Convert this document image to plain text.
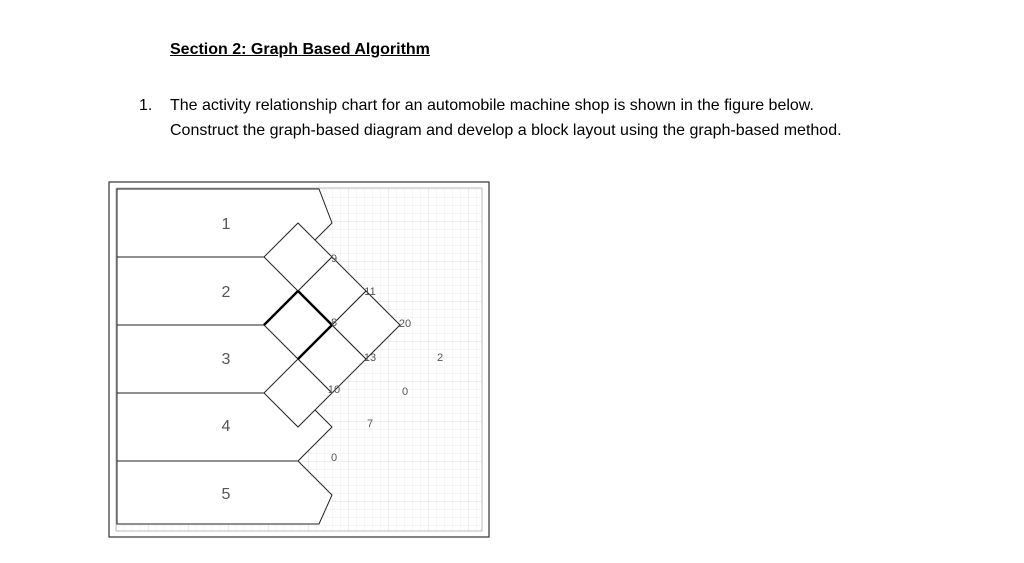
Section 2: Graph Based Algorithm
1. The activity relationship chart for an automobile machine shop is shown in the figure below.
Construct the graph-based diagram and develop a block layout using the graph-based method.
1
2
3
4
5
9
8
10
0
11
13
7
20
0
2
